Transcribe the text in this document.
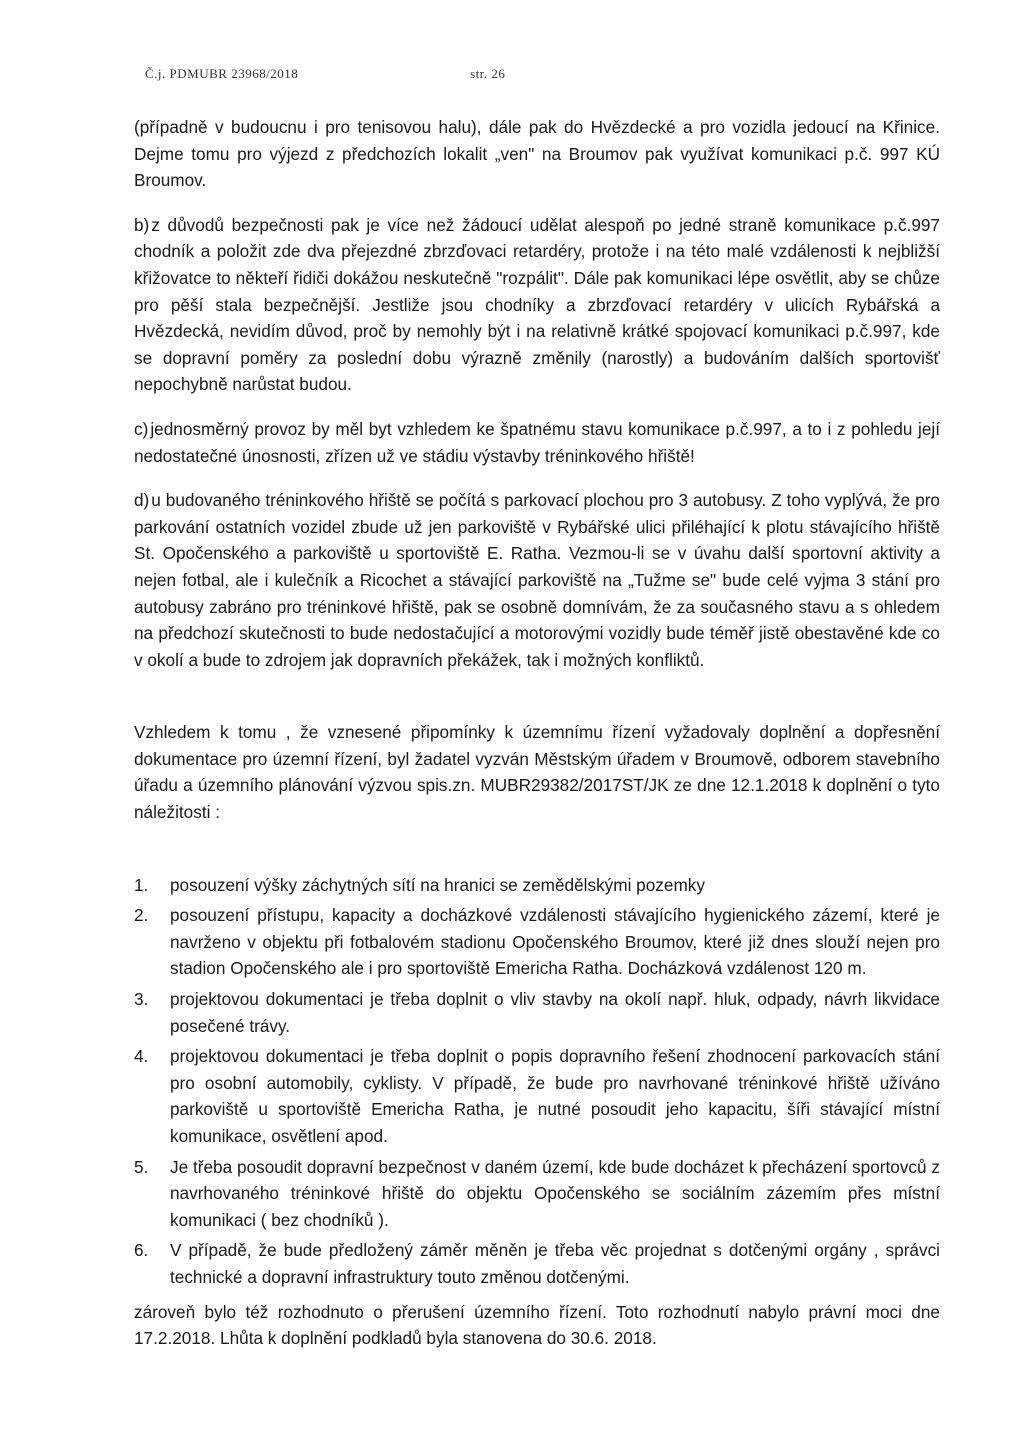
Č.j. PDMUBR 23968/2018	str. 26

(případně v budoucnu i pro tenisovou halu), dále pak do Hvězdecké a pro vozidla jedoucí na Křinice. Dejme tomu pro výjezd z předchozích lokalit „ven" na Broumov pak využívat komunikaci p.č. 997 KÚ Broumov.

b) z důvodů bezpečnosti pak je více než žádoucí udělat alespoň po jedné straně komunikace p.č.997 chodník a položit zde dva přejezdné zbrzďovaci retardéry, protože i na této malé vzdálenosti k nejbližší křižovatce to někteří řidiči dokážou neskutečně "rozpálit". Dále pak komunikaci lépe osvětlit, aby se chůze pro pěší stala bezpečnější. Jestliže jsou chodníky a zbrzďovací retardéry v ulicích Rybářská a Hvězdecká, nevidím důvod, proč by nemohly být i na relativně krátké spojovací komunikaci p.č.997, kde se dopravní poměry za poslední dobu výrazně změnily (narostly) a budováním dalších sportovišť nepochybně narůstat budou.

c) jednosměrný provoz by měl byt vzhledem ke špatnému stavu komunikace p.č.997, a to i z pohledu její nedostatečné únosnosti, zřízen už ve stádiu výstavby tréninkového hřiště!

d) u budovaného tréninkového hřiště se počítá s parkovací plochou pro 3 autobusy. Z toho vyplývá, že pro parkování ostatních vozidel zbude už jen parkoviště v Rybářské ulici přiléhající k plotu stávajícího hřiště St. Opočenského a parkoviště u sportoviště E. Ratha. Vezmou-li se v úvahu další sportovní aktivity a nejen fotbal, ale i kulečník a Ricochet a stávající parkoviště na „Tužme se" bude celé vyjma 3 stání pro autobusy zabráno pro tréninkové hřiště, pak se osobně domnívám, že za současného stavu a s ohledem na předchozí skutečnosti to bude nedostačující a motorovými vozidly bude téměř jistě obestavěné kde co v okolí a bude to zdrojem jak dopravních překážek, tak i možných konfliktů.

Vzhledem k tomu , že vznesené připomínky k územnímu řízení vyžadovaly doplnění a dopřesnění dokumentace pro územní řízení, byl žadatel vyzván Městským úřadem v Broumově, odborem stavebního úřadu a územního plánování výzvou spis.zn. MUBR29382/2017ST/JK ze dne 12.1.2018 k doplnění o tyto náležitosti :

1. posouzení výšky záchytných sítí na hranici se zemědělskými pozemky
2. posouzení přístupu, kapacity a docházkové vzdálenosti stávajícího hygienického zázemí, které je navrženo v objektu při fotbalovém stadionu Opočenského Broumov, které již dnes slouží nejen pro stadion Opočenského ale i pro sportoviště Emericha Ratha. Docházková vzdálenost 120 m.
3. projektovou dokumentaci je třeba doplnit o vliv stavby na okolí např. hluk, odpady, návrh likvidace posečené trávy.
4. projektovou dokumentaci je třeba doplnit o popis dopravního řešení zhodnocení parkovacích stání pro osobní automobily, cyklisty. V případě, že bude pro navrhované tréninkové hřiště užíváno parkoviště u sportoviště Emericha Ratha, je nutné posoudit jeho kapacitu, šíři stávající místní komunikace, osvětlení apod.
5. Je třeba posoudit dopravní bezpečnost v daném území, kde bude docházet k přecházení sportovců z navrhovaného tréninkové hřiště do objektu Opočenského se sociálním zázemím přes místní komunikaci ( bez chodníků ).
6. V případě, že bude předložený záměr měněn je třeba věc projednat s dotčenými orgány , správci technické a dopravní infrastruktury touto změnou dotčenými.

zároveň bylo též rozhodnuto o přerušení územního řízení. Toto rozhodnutí nabylo právní moci dne 17.2.2018. Lhůta k doplnění podkladů byla stanovena do 30.6. 2018.
